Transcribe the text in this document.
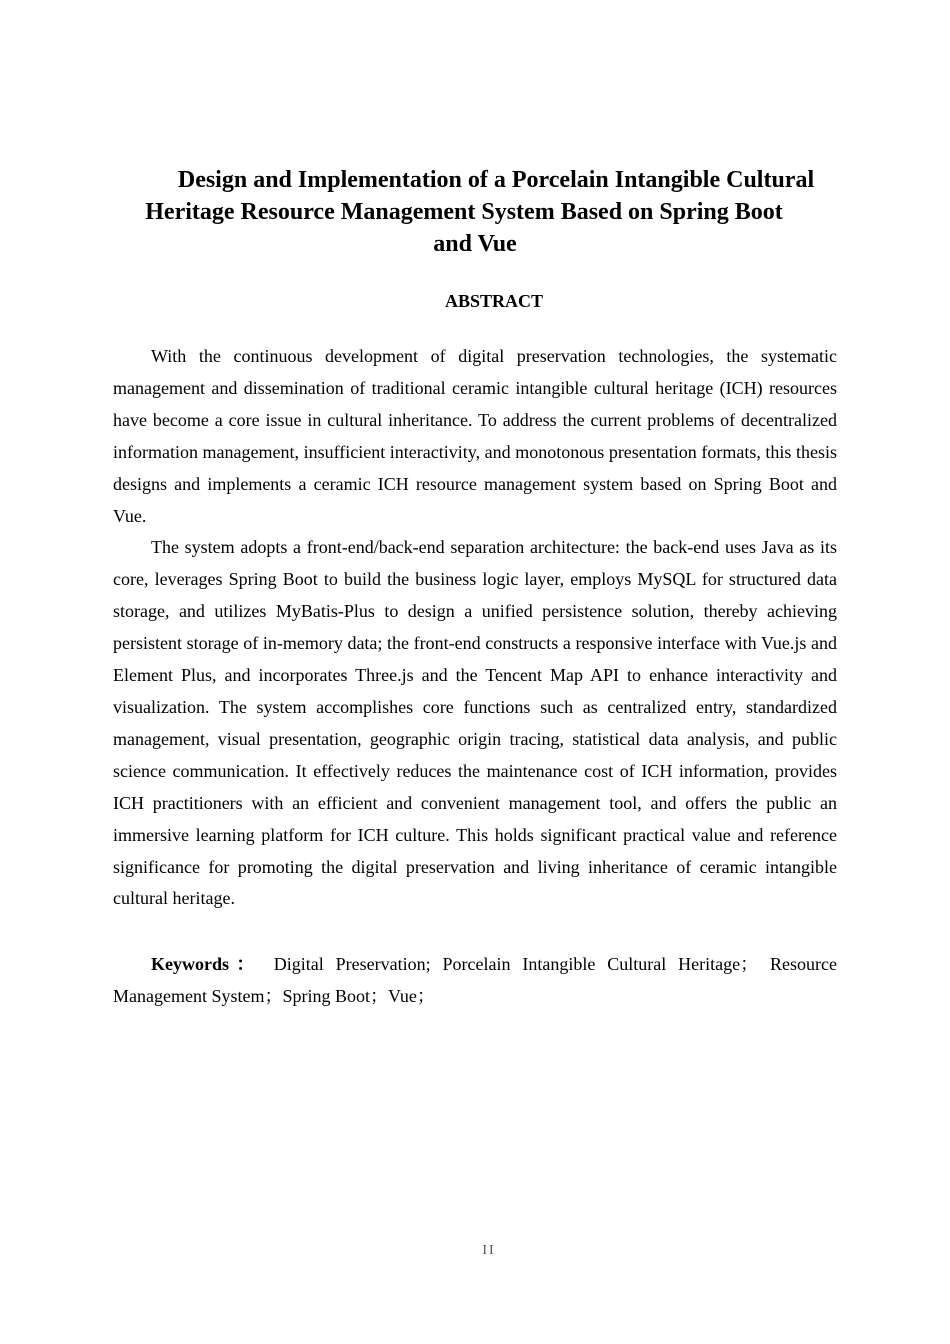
Design and Implementation of a Porcelain Intangible Cultural
Heritage Resource Management System Based on Spring Boot
and Vue
ABSTRACT

With the continuous development of digital preservation technologies, the systematic management and dissemination of traditional ceramic intangible cultural heritage (ICH) resources have become a core issue in cultural inheritance. To address the current problems of decentralized information management, insufficient interactivity, and monotonous presentation formats, this thesis designs and implements a ceramic ICH resource management system based on Spring Boot and Vue.

The system adopts a front-end/back-end separation architecture: the back-end uses Java as its core, leverages Spring Boot to build the business logic layer, employs MySQL for structured data storage, and utilizes MyBatis-Plus to design a unified persistence solution, thereby achieving persistent storage of in-memory data; the front-end constructs a responsive interface with Vue.js and Element Plus, and incorporates Three.js and the Tencent Map API to enhance interactivity and visualization. The system accomplishes core functions such as centralized entry, standardized management, visual presentation, geographic origin tracing, statistical data analysis, and public science communication. It effectively reduces the maintenance cost of ICH information, provides ICH practitioners with an efficient and convenient management tool, and offers the public an immersive learning platform for ICH culture. This holds significant practical value and reference significance for promoting the digital preservation and living inheritance of ceramic intangible cultural heritage.

Keywords： Digital Preservation; Porcelain Intangible Cultural Heritage； Resource Management System；Spring Boot；Vue；
II
